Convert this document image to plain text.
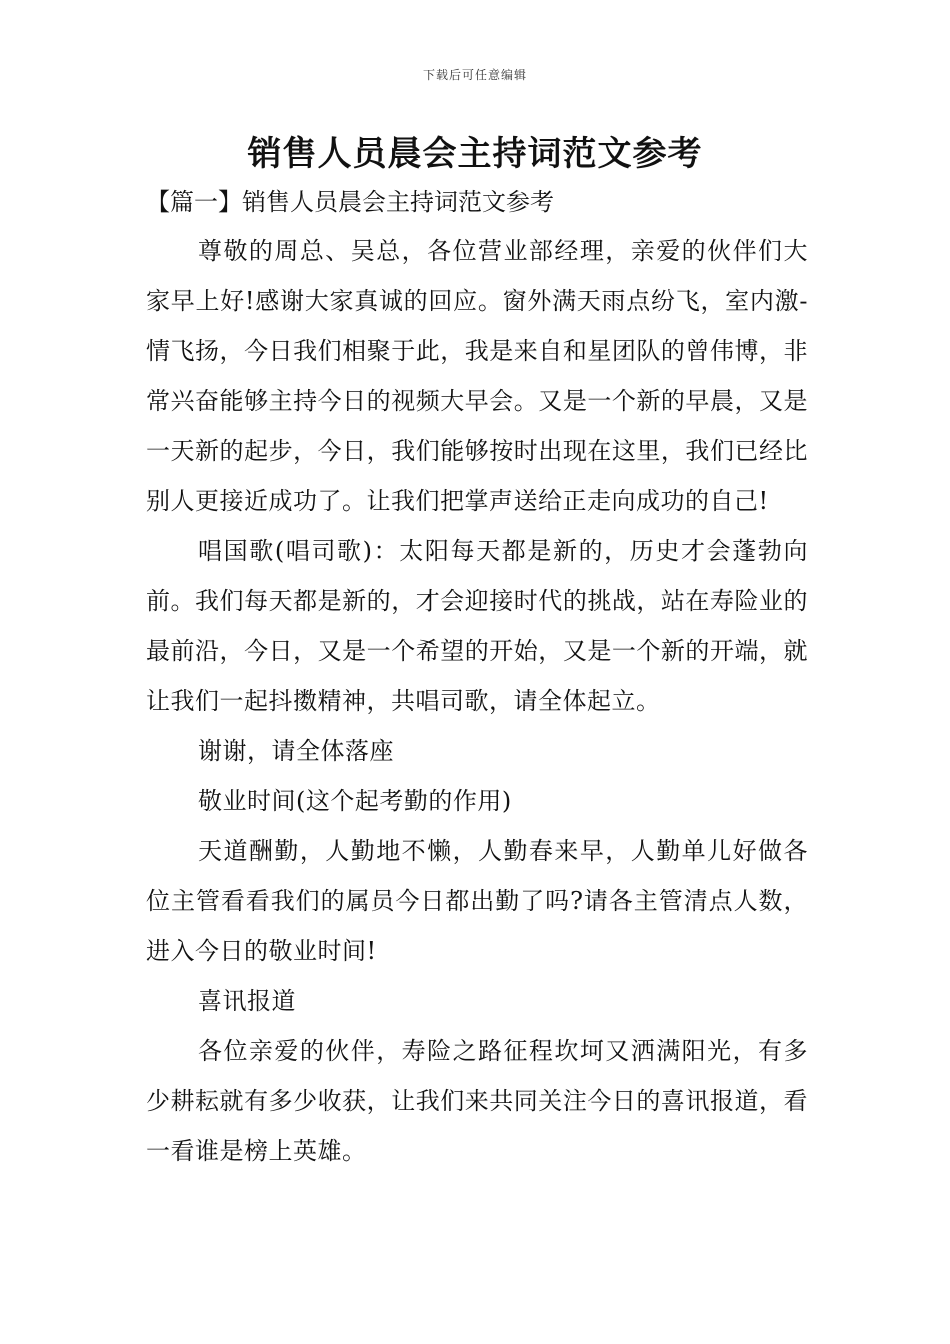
下载后可任意编辑
销售人员晨会主持词范文参考
【篇一】销售人员晨会主持词范文参考

尊敬的周总、吴总，各位营业部经理，亲爱的伙伴们大家早上好!感谢大家真诚的回应。窗外满天雨点纷飞，室内激-情飞扬，今日我们相聚于此，我是来自和星团队的曾伟博，非常兴奋能够主持今日的视频大早会。又是一个新的早晨，又是一天新的起步，今日，我们能够按时出现在这里，我们已经比别人更接近成功了。让我们把掌声送给正走向成功的自己!

唱国歌(唱司歌)：太阳每天都是新的，历史才会蓬勃向前。我们每天都是新的，才会迎接时代的挑战，站在寿险业的最前沿，今日，又是一个希望的开始，又是一个新的开端，就让我们一起抖擞精神，共唱司歌，请全体起立。

谢谢，请全体落座

敬业时间(这个起考勤的作用)

天道酬勤，人勤地不懒，人勤春来早，人勤单儿好做各位主管看看我们的属员今日都出勤了吗?请各主管清点人数，进入今日的敬业时间!

喜讯报道

各位亲爱的伙伴，寿险之路征程坎坷又洒满阳光，有多少耕耘就有多少收获，让我们来共同关注今日的喜讯报道，看一看谁是榜上英雄。
